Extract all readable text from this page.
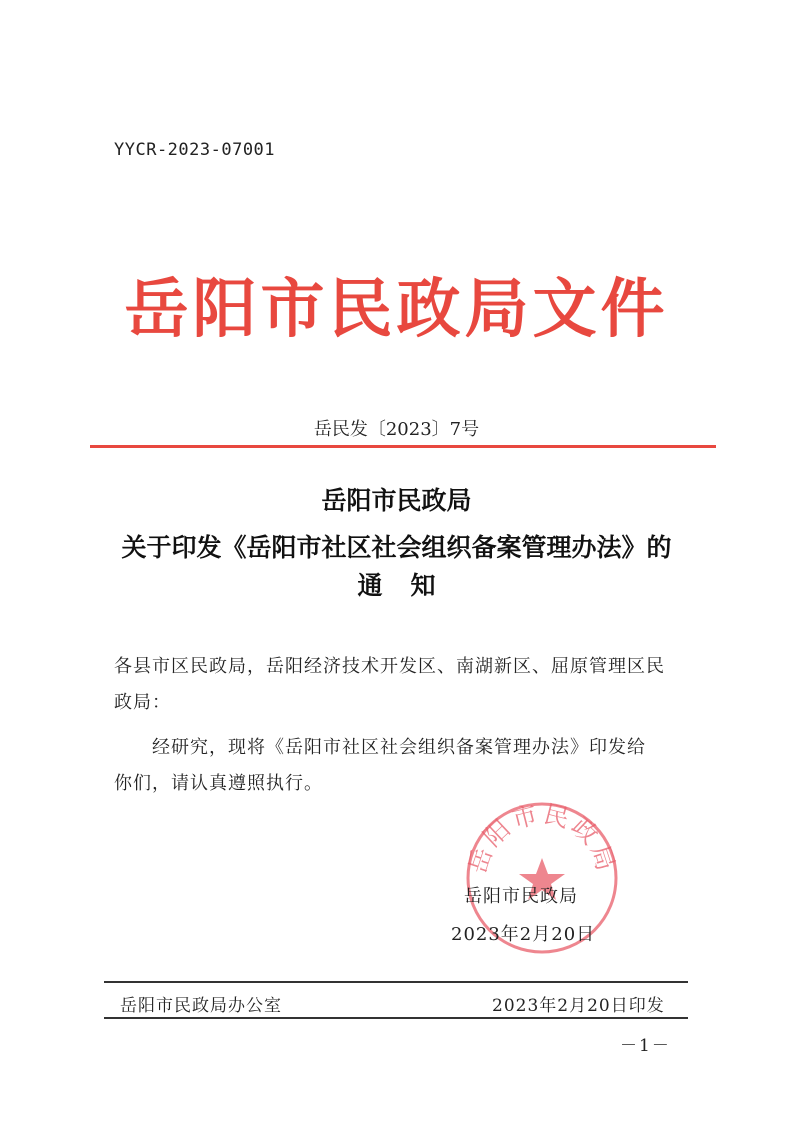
YYCR-2023-07001
岳阳市民政局文件
岳民发〔2023〕7号
岳阳市民政局
关于印发《岳阳市社区社会组织备案管理办法》的
通知
各县市区民政局，岳阳经济技术开发区、南湖新区、屈原管理区民
政局：
经研究，现将《岳阳市社区社会组织备案管理办法》印发给
你们，请认真遵照执行。
岳阳市民政局
岳阳市民政局
2023年2月20日
岳阳市民政局办公室	2023年2月20日印发
－1－
